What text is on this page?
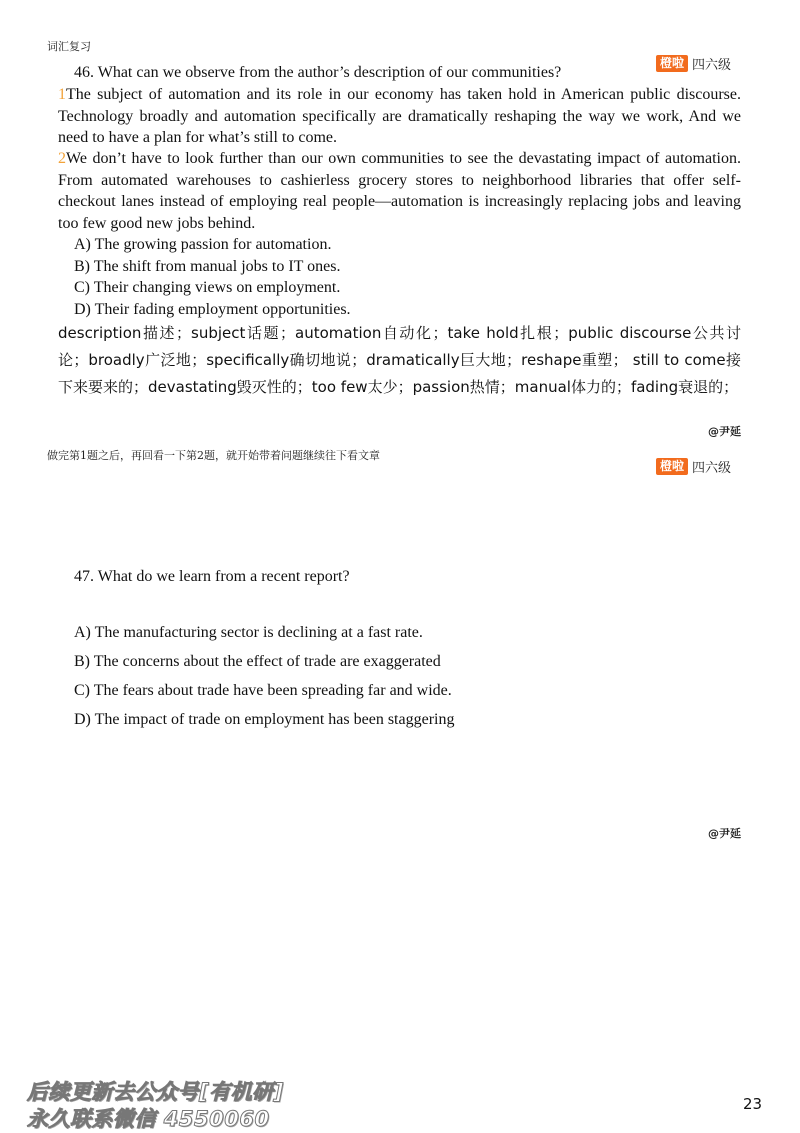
词汇复习
橙啦 四六级
46. What can we observe from the author’s description of our communities?
1The subject of automation and its role in our economy has taken hold in American public discourse. Technology broadly and automation specifically are dramatically reshaping the way we work, And we need to have a plan for what’s still to come.
2We don’t have to look further than our own communities to see the devastating impact of automation. From automated warehouses to cashierless grocery stores to neighborhood libraries that offer self-checkout lanes instead of employing real people—automation is increasingly replacing jobs and leaving too few good new jobs behind.
A) The growing passion for automation.
B) The shift from manual jobs to IT ones.
C) Their changing views on employment.
D) Their fading employment opportunities.
description描述；subject话题；automation自动化；take hold扎根；public discourse公共讨论；broadly广泛地；specifically确切地说；dramatically巨大地；reshape重塑； still to come接下来要来的；devastating毁灭性的；too few太少；passion热情；manual体力的；fading衰退的；
@尹延
做完第1题之后，再回看一下第2题，就开始带着问题继续往下看文章
橙啦 四六级
47. What do we learn from a recent report?
A) The manufacturing sector is declining at a fast rate.
B) The concerns about the effect of trade are exaggerated
C) The fears about trade have been spreading far and wide.
D) The impact of trade on employment has been staggering
@尹延
后续更新去公众号[有机研]
永久联系微信 4550060
23
